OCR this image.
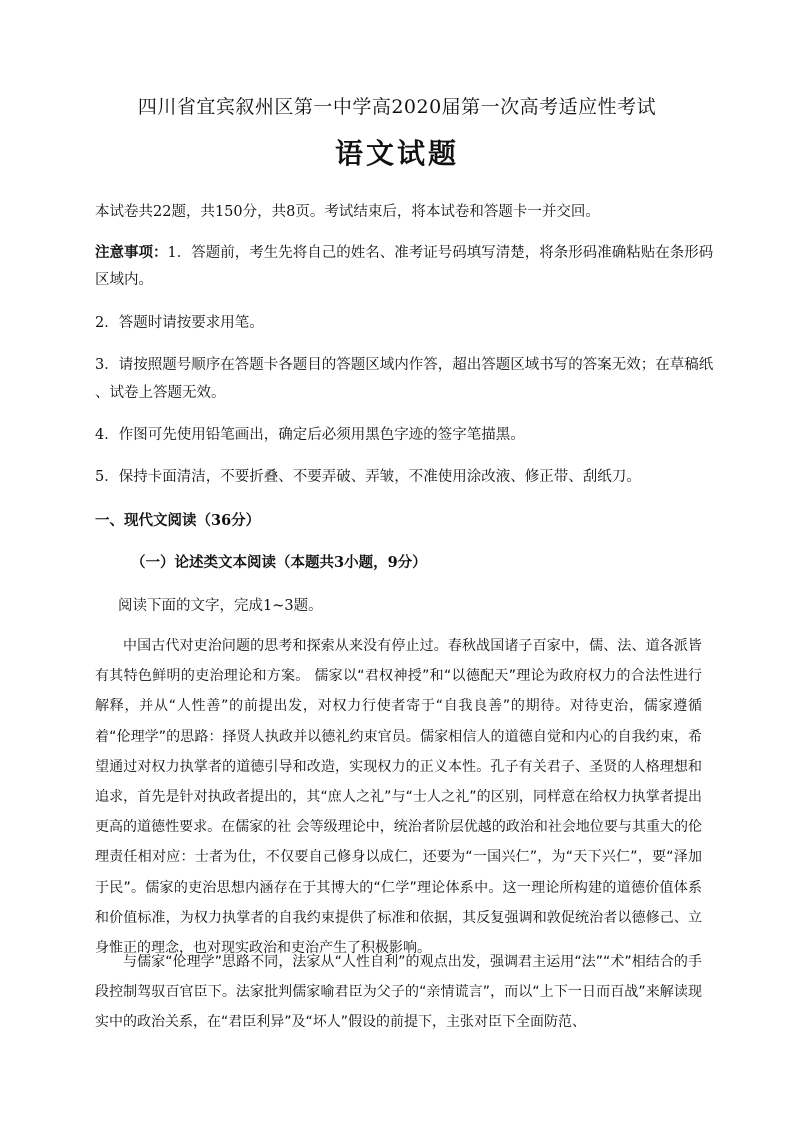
四川省宜宾叙州区第一中学高2020届第一次高考适应性考试
语文试题
本试卷共22题，共150分，共8页。考试结束后，将本试卷和答题卡一并交回。
注意事项：1．答题前，考生先将自己的姓名、准考证号码填写清楚，将条形码准确粘贴在条形码
区域内。
2．答题时请按要求用笔。
3．请按照题号顺序在答题卡各题目的答题区域内作答，超出答题区域书写的答案无效；在草稿纸
、试卷上答题无效。
4．作图可先使用铅笔画出，确定后必须用黑色字迹的签字笔描黑。
5．保持卡面清洁，不要折叠、不要弄破、弄皱，不准使用涂改液、修正带、刮纸刀。
一、现代文阅读（36分）
（一）论述类文本阅读（本题共3小题，9分）
阅读下面的文字，完成1~3题。
中国古代对吏治问题的思考和探索从来没有停止过。春秋战国诸子百家中，儒、法、道各派皆有其特色鲜明的吏治理论和方案。 儒家以“君权神授”和“以德配天”理论为政府权力的合法性进行解释，并从“人性善”的前提出发，对权力行使者寄于“自我良善”的期待。对待吏治，儒家遵循着“伦理学”的思路：择贤人执政并以德礼约束官员。儒家相信人的道德自觉和内心的自我约束，希望通过对权力执掌者的道德引导和改造，实现权力的正义本性。孔子有关君子、圣贤的人格理想和追求，首先是针对执政者提出的，其“庶人之礼”与“士人之礼”的区别，同样意在给权力执掌者提出更高的道德性要求。在儒家的社 会等级理论中，统治者阶层优越的政治和社会地位要与其重大的伦理责任相对应：士者为仕，不仅要自己修身以成仁，还要为“一国兴仁”，为“天下兴仁”，要“泽加于民”。儒家的吏治思想内涵存在于其博大的“仁学”理论体系中。这一理论所构建的道德价值体系和价值标准，为权力执掌者的自我约束提供了标准和依据，其反复强调和敦促统治者以德修己、立身惟正的理念，也对现实政治和吏治产生了积极影响。
与儒家“伦理学”思路不同，法家从“人性自利”的观点出发，强调君主运用“法”“术”相结合的手段控制驾驭百官臣下。法家批判儒家喻君臣为父子的“亲情谎言”，而以“上下一日而百战”来解读现实中的政治关系，在“君臣利异”及“坏人”假设的前提下，主张对臣下全面防范、
